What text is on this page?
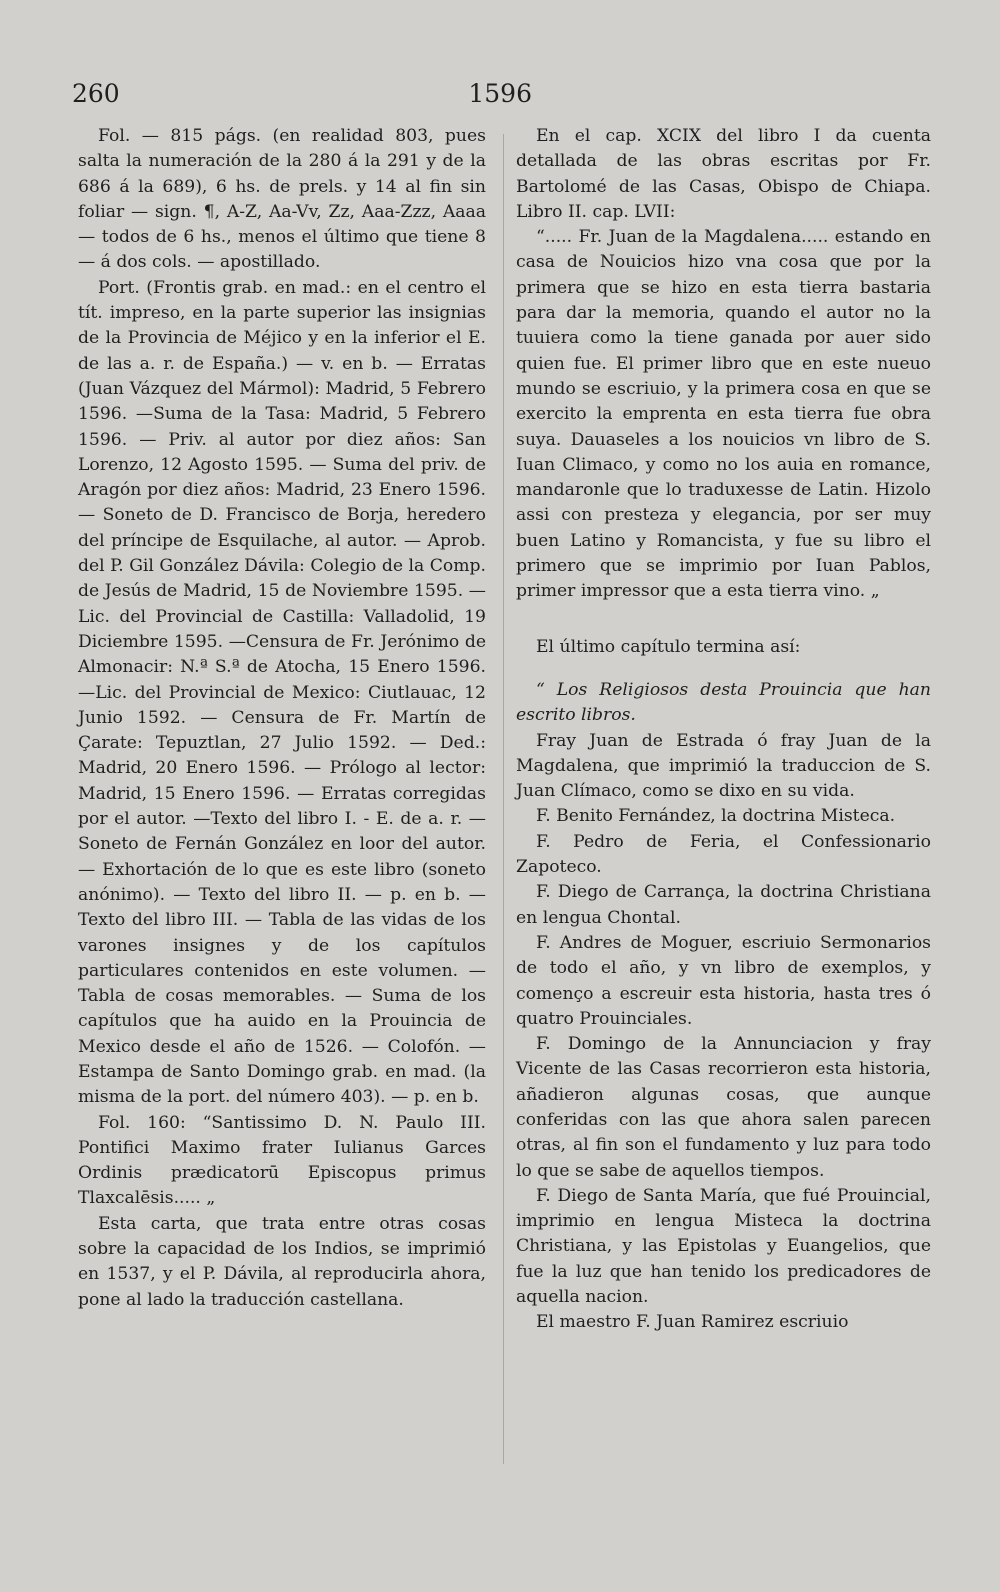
260	1596

Fol. — 815 págs. (en realidad 803, pues salta la numeración de la 280 á la 291 y de la 686 á la 689), 6 hs. de prels. y 14 al fin sin foliar — sign. ¶, A-Z, Aa-Vv, Zz, Aaa-Zzz, Aaaa — todos de 6 hs., menos el último que tiene 8 — á dos cols. — apostillado.

Port. (Frontis grab. en mad.: en el centro el tít. impreso, en la parte superior las insignias de la Provincia de Méjico y en la inferior el E. de las a. r. de España.) — v. en b. — Erratas (Juan Vázquez del Mármol): Madrid, 5 Febrero 1596. —Suma de la Tasa: Madrid, 5 Febrero 1596. — Priv. al autor por diez años: San Lorenzo, 12 Agosto 1595. — Suma del priv. de Aragón por diez años: Madrid, 23 Enero 1596. — Soneto de D. Francisco de Borja, heredero del príncipe de Esquilache, al autor. — Aprob. del P. Gil González Dávila: Colegio de la Comp. de Jesús de Madrid, 15 de Noviembre 1595. —Lic. del Provincial de Castilla: Valladolid, 19 Diciembre 1595. —Censura de Fr. Jerónimo de Almonacir: N.ª S.ª de Atocha, 15 Enero 1596. —Lic. del Provincial de Mexico: Ciutlauac, 12 Junio 1592. — Censura de Fr. Martín de Çarate: Tepuztlan, 27 Julio 1592. — Ded.: Madrid, 20 Enero 1596. — Prólogo al lector: Madrid, 15 Enero 1596. — Erratas corregidas por el autor. —Texto del libro I. - E. de a. r. — Soneto de Fernán González en loor del autor. — Exhortación de lo que es este libro (soneto anónimo). — Texto del libro II. — p. en b. — Texto del libro III. — Tabla de las vidas de los varones insignes y de los capítulos particulares contenidos en este volumen. — Tabla de cosas memorables. — Suma de los capítulos que ha auido en la Prouincia de Mexico desde el año de 1526. — Colofón. — Estampa de Santo Domingo grab. en mad. (la misma de la port. del número 403). — p. en b.

Fol. 160: “Santissimo D. N. Paulo III. Pontifici Maximo frater Iulianus Garces Ordinis prædicatorū Episcopus primus Tlaxcalēsis..... „

Esta carta, que trata entre otras cosas sobre la capacidad de los Indios, se imprimió en 1537, y el P. Dávila, al reproducirla ahora, pone al lado la traducción castellana.

En el cap. XCIX del libro I da cuenta detallada de las obras escritas por Fr. Bartolomé de las Casas, Obispo de Chiapa. Libro II. cap. LVII:

“..... Fr. Juan de la Magdalena..... estando en casa de Nouicios hizo vna cosa que por la primera que se hizo en esta tierra bastaria para dar la memoria, quando el autor no la tuuiera como la tiene ganada por auer sido quien fue. El primer libro que en este nueuo mundo se escriuio, y la primera cosa en que se exercito la emprenta en esta tierra fue obra suya. Dauaseles a los nouicios vn libro de S. Iuan Climaco, y como no los auia en romance, mandaronle que lo traduxesse de Latin. Hizolo assi con presteza y elegancia, por ser muy buen Latino y Romancista, y fue su libro el primero que se imprimio por Iuan Pablos, primer impressor que a esta tierra vino. „

El último capítulo termina así:

“ Los Religiosos desta Prouincia que han escrito libros.

Fray Juan de Estrada ó fray Juan de la Magdalena, que imprimió la traduccion de S. Juan Clímaco, como se dixo en su vida.

F. Benito Fernández, la doctrina Misteca.

F. Pedro de Feria, el Confessionario Zapoteco.

F. Diego de Carrança, la doctrina Christiana en lengua Chontal.

F. Andres de Moguer, escriuio Sermonarios de todo el año, y vn libro de exemplos, y començo a escreuir esta historia, hasta tres ó quatro Prouinciales.

F. Domingo de la Annunciacion y fray Vicente de las Casas recorrieron esta historia, añadieron algunas cosas, que aunque conferidas con las que ahora salen parecen otras, al fin son el fundamento y luz para todo lo que se sabe de aquellos tiempos.

F. Diego de Santa María, que fué Prouincial, imprimio en lengua Misteca la doctrina Christiana, y las Epistolas y Euangelios, que fue la luz que han tenido los predicadores de aquella nacion.

El maestro F. Juan Ramirez escriuio
